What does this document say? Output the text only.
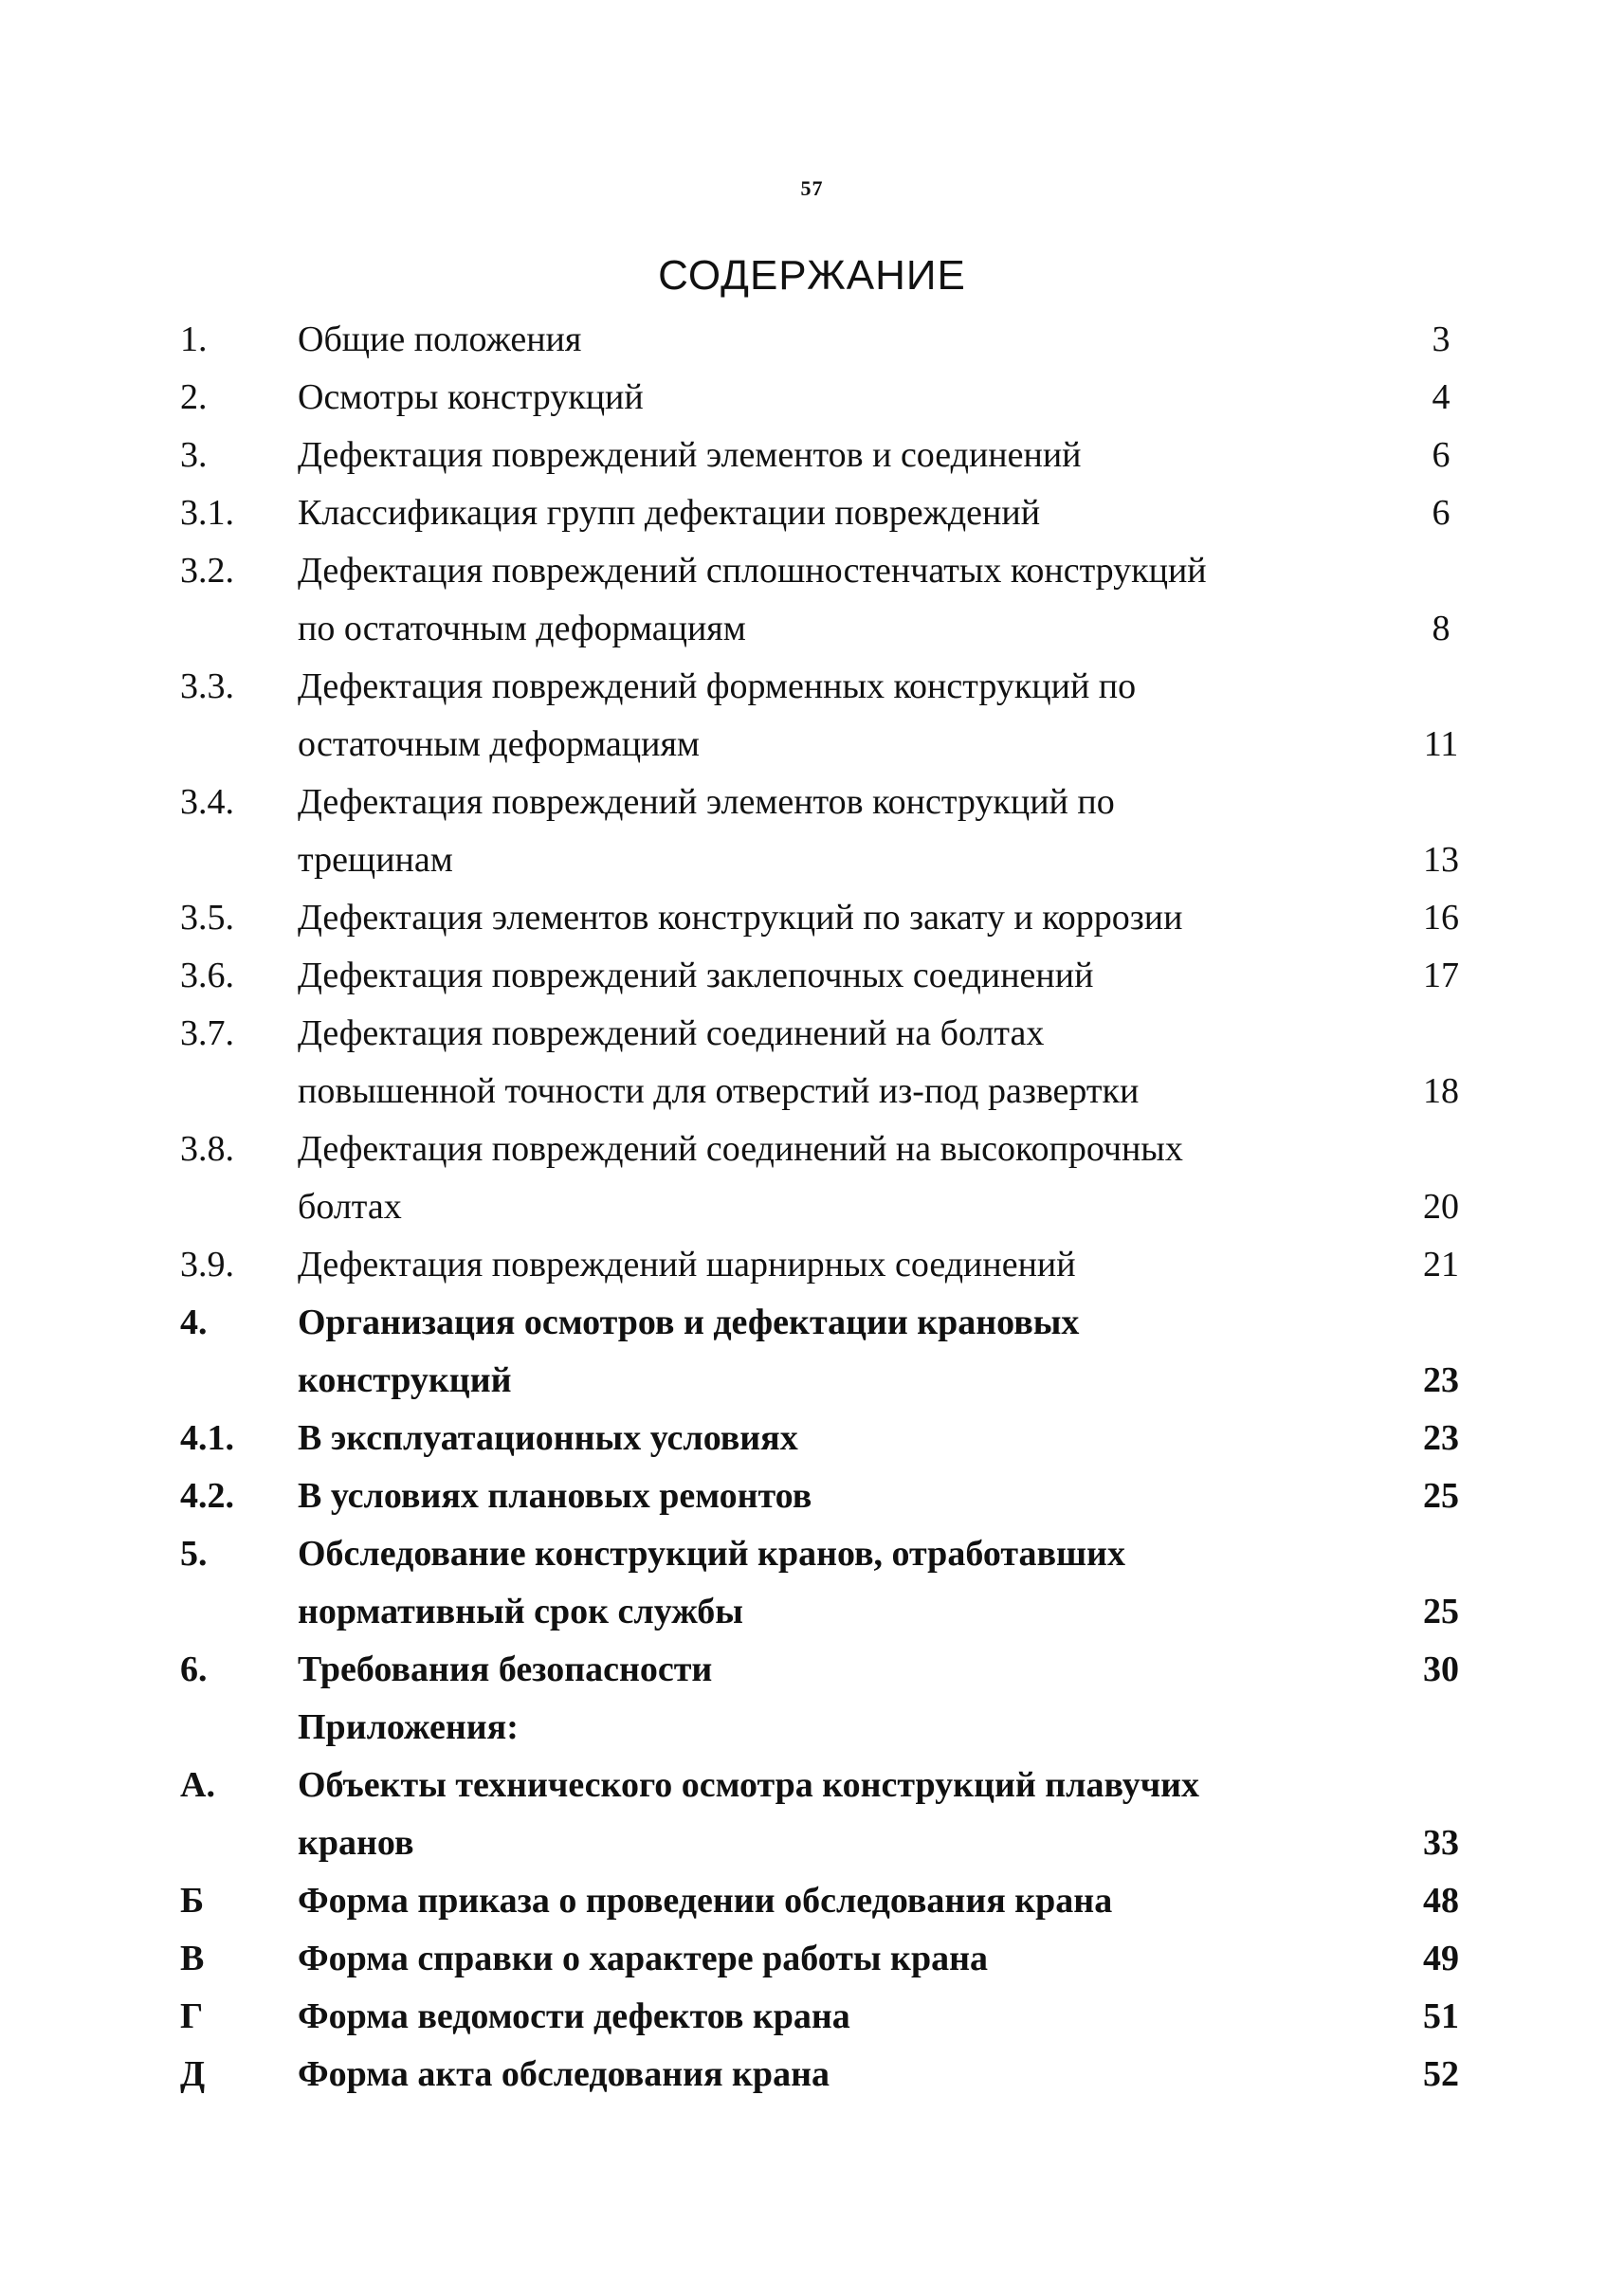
57
СОДЕРЖАНИЕ
1.	Общие положения	3
2.	Осмотры конструкций	4
3.	Дефектация повреждений элементов и соединений	6
3.1.	Классификация групп дефектации повреждений	6
3.2.	Дефектация повреждений сплошностенчатых конструкций
по остаточным деформациям	8
3.3.	Дефектация повреждений форменных конструкций по
остаточным деформациям	11
3.4.	Дефектация повреждений элементов конструкций по
трещинам	13
3.5.	Дефектация элементов конструкций по закату и коррозии	16
3.6.	Дефектация повреждений заклепочных соединений	17
3.7.	Дефектация повреждений соединений на болтах
повышенной точности для отверстий из-под развертки	18
3.8.	Дефектация повреждений соединений на высокопрочных
болтах	20
3.9.	Дефектация повреждений шарнирных соединений	21
4.	Организация осмотров и дефектации крановых
конструкций	23
4.1.	В эксплуатационных условиях	23
4.2.	В условиях плановых ремонтов	25
5.	Обследование конструкций кранов, отработавших
нормативный срок службы	25
6.	Требования безопасности	30
Приложения:
А.	Объекты технического осмотра конструкций плавучих
кранов	33
Б	Форма приказа о проведении обследования крана	48
В	Форма справки о характере работы крана	49
Г	Форма ведомости дефектов крана	51
Д	Форма акта обследования крана	52
